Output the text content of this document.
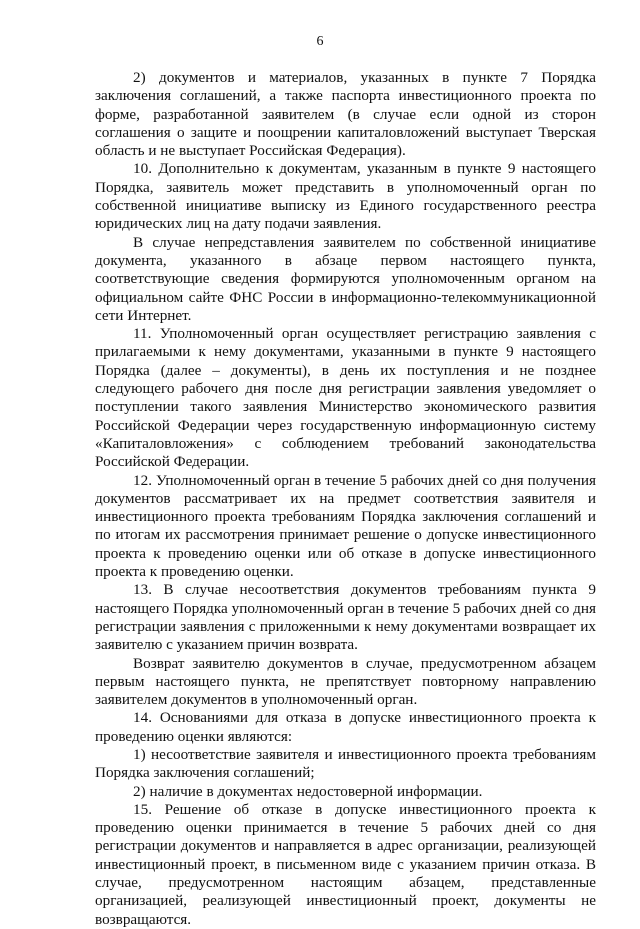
6

2) документов и материалов, указанных в пункте 7 Порядка заключения соглашений, а также паспорта инвестиционного проекта по форме, разработанной заявителем (в случае если одной из сторон соглашения о защите и поощрении капиталовложений выступает Тверская область и не выступает Российская Федерация).

10. Дополнительно к документам, указанным в пункте 9 настоящего Порядка, заявитель может представить в уполномоченный орган по собственной инициативе выписку из Единого государственного реестра юридических лиц на дату подачи заявления.

В случае непредставления заявителем по собственной инициативе документа, указанного в абзаце первом настоящего пункта, соответствующие сведения формируются уполномоченным органом на официальном сайте ФНС России в информационно-телекоммуникационной сети Интернет.

11. Уполномоченный орган осуществляет регистрацию заявления с прилагаемыми к нему документами, указанными в пункте 9 настоящего Порядка (далее – документы), в день их поступления и не позднее следующего рабочего дня после дня регистрации заявления уведомляет о поступлении такого заявления Министерство экономического развития Российской Федерации через государственную информационную систему «Капиталовложения» с соблюдением требований законодательства Российской Федерации.

12. Уполномоченный орган в течение 5 рабочих дней со дня получения документов рассматривает их на предмет соответствия заявителя и инвестиционного проекта требованиям Порядка заключения соглашений и по итогам их рассмотрения принимает решение о допуске инвестиционного проекта к проведению оценки или об отказе в допуске инвестиционного проекта к проведению оценки.

13. В случае несоответствия документов требованиям пункта 9 настоящего Порядка уполномоченный орган в течение 5 рабочих дней со дня регистрации заявления с приложенными к нему документами возвращает их заявителю с указанием причин возврата.

Возврат заявителю документов в случае, предусмотренном абзацем первым настоящего пункта, не препятствует повторному направлению заявителем документов в уполномоченный орган.

14. Основаниями для отказа в допуске инвестиционного проекта к проведению оценки являются:

1) несоответствие заявителя и инвестиционного проекта требованиям Порядка заключения соглашений;

2) наличие в документах недостоверной информации.

15. Решение об отказе в допуске инвестиционного проекта к проведению оценки принимается в течение 5 рабочих дней со дня регистрации документов и направляется в адрес организации, реализующей инвестиционный проект, в письменном виде с указанием причин отказа. В случае, предусмотренном настоящим абзацем, представленные организацией, реализующей инвестиционный проект, документы не возвращаются.
